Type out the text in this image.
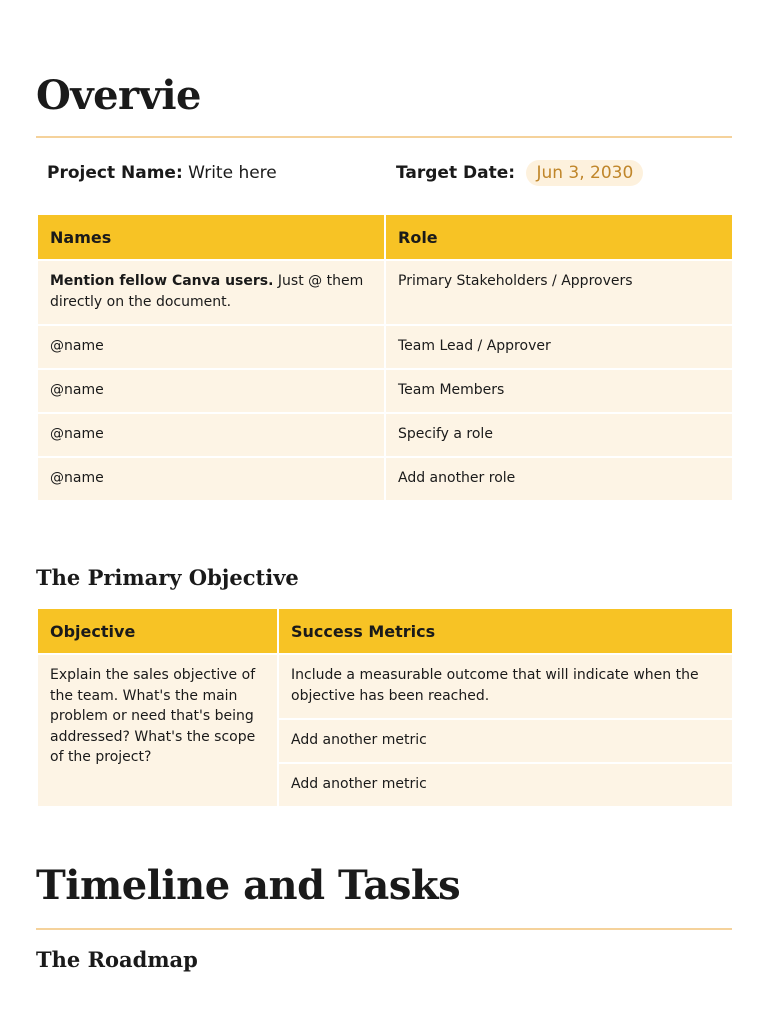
Overvie
Project Name: Write here	Target Date: Jun 3, 2030
Names	Role
Mention fellow Canva users. Just @ them directly on the document.	Primary Stakeholders / Approvers
@name	Team Lead / Approver
@name	Team Members
@name	Specify a role
@name	Add another role
The Primary Objective
Objective	Success Metrics
Explain the sales objective of the team. What's the main problem or need that's being addressed? What's the scope of the project?	Include a measurable outcome that will indicate when the objective has been reached.
	Add another metric
	Add another metric
Timeline and Tasks
The Roadmap
